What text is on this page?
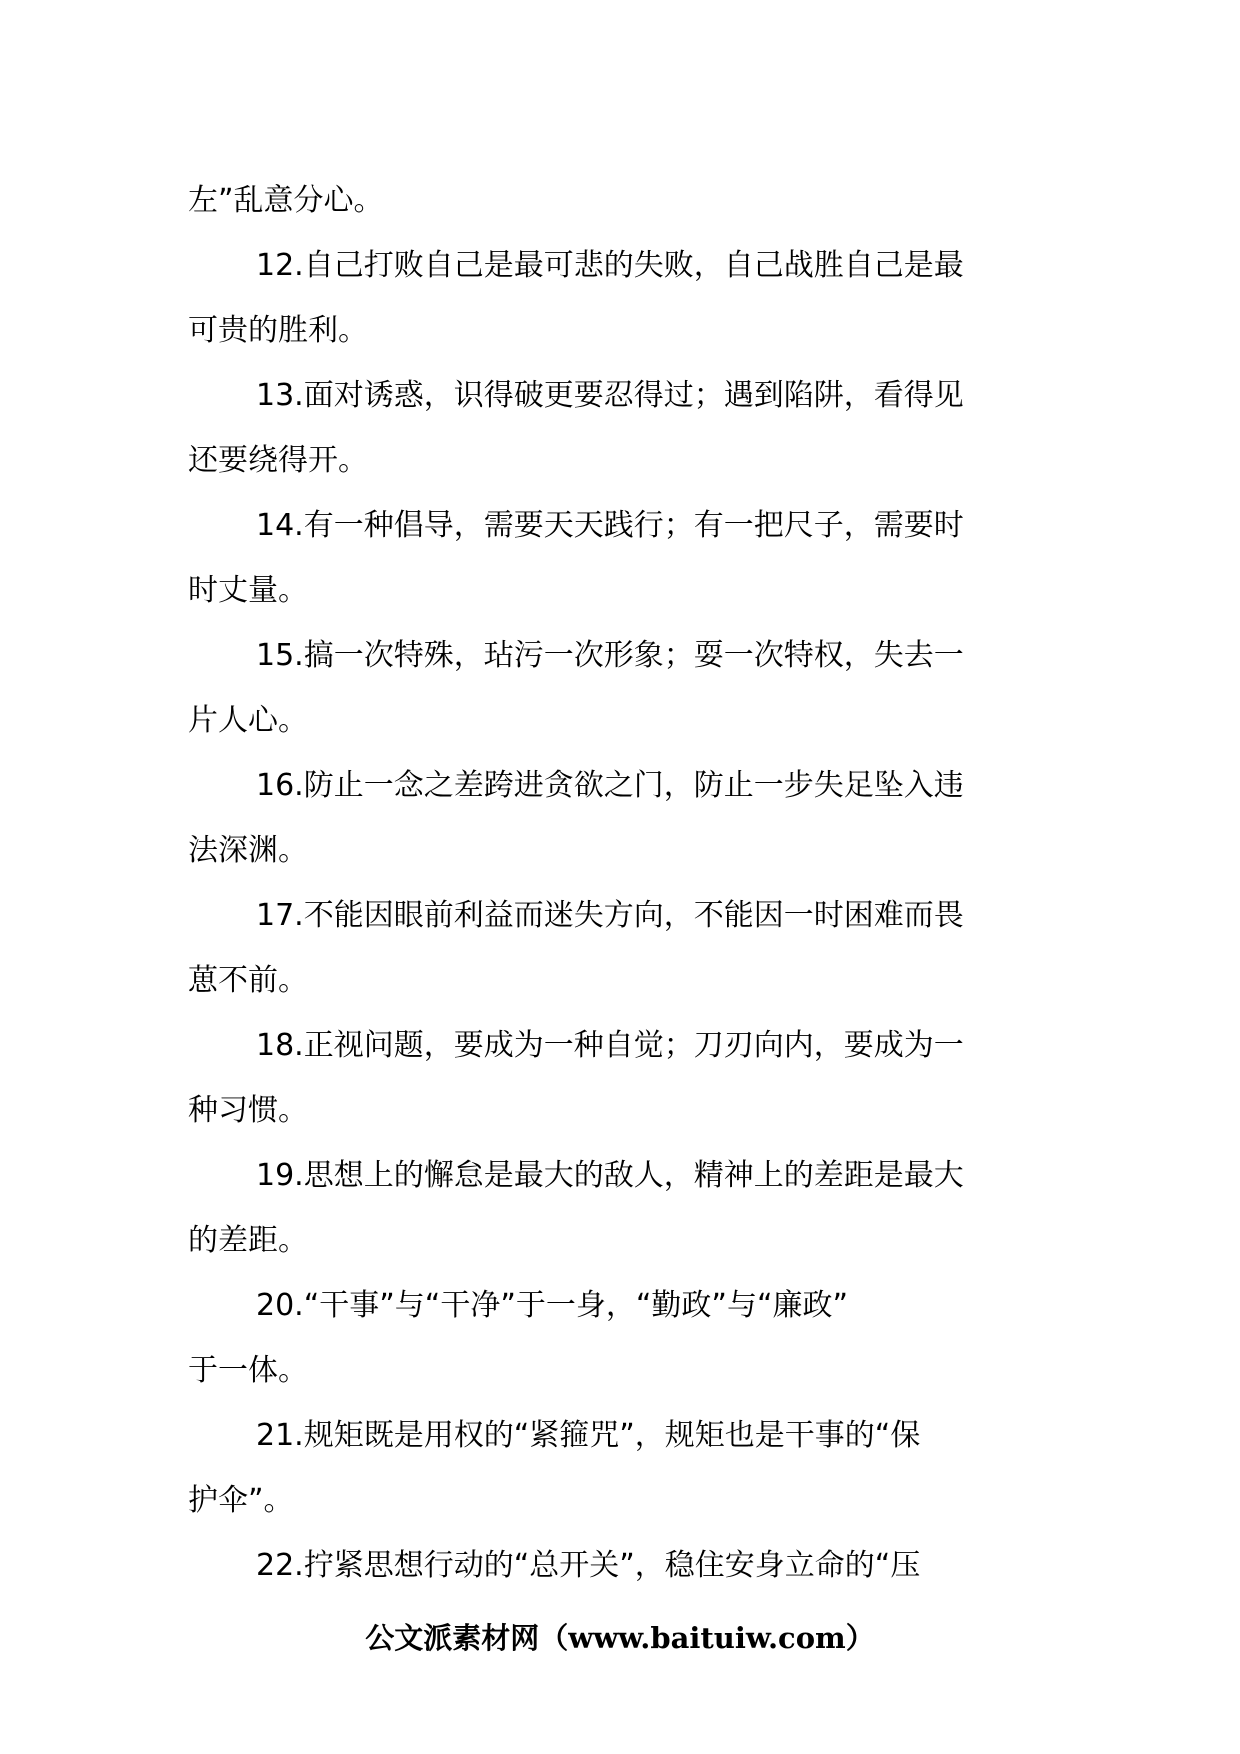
左”乱意分心。
12.自己打败自己是最可悲的失败，自己战胜自己是最
可贵的胜利。
13.面对诱惑，识得破更要忍得过；遇到陷阱，看得见
还要绕得开。
14.有一种倡导，需要天天践行；有一把尺子，需要时
时丈量。
15.搞一次特殊，玷污一次形象；耍一次特权，失去一
片人心。
16.防止一念之差跨进贪欲之门，防止一步失足坠入违
法深渊。
17.不能因眼前利益而迷失方向，不能因一时困难而畏
葸不前。
18.正视问题，要成为一种自觉；刀刃向内，要成为一
种习惯。
19.思想上的懈怠是最大的敌人，精神上的差距是最大
的差距。
20.“干事”与“干净”于一身，“勤政”与“廉政”
于一体。
21.规矩既是用权的“紧箍咒”，规矩也是干事的“保
护伞”。
22.拧紧思想行动的“总开关”，稳住安身立命的“压
公文派素材网（www.baituiw.com）
